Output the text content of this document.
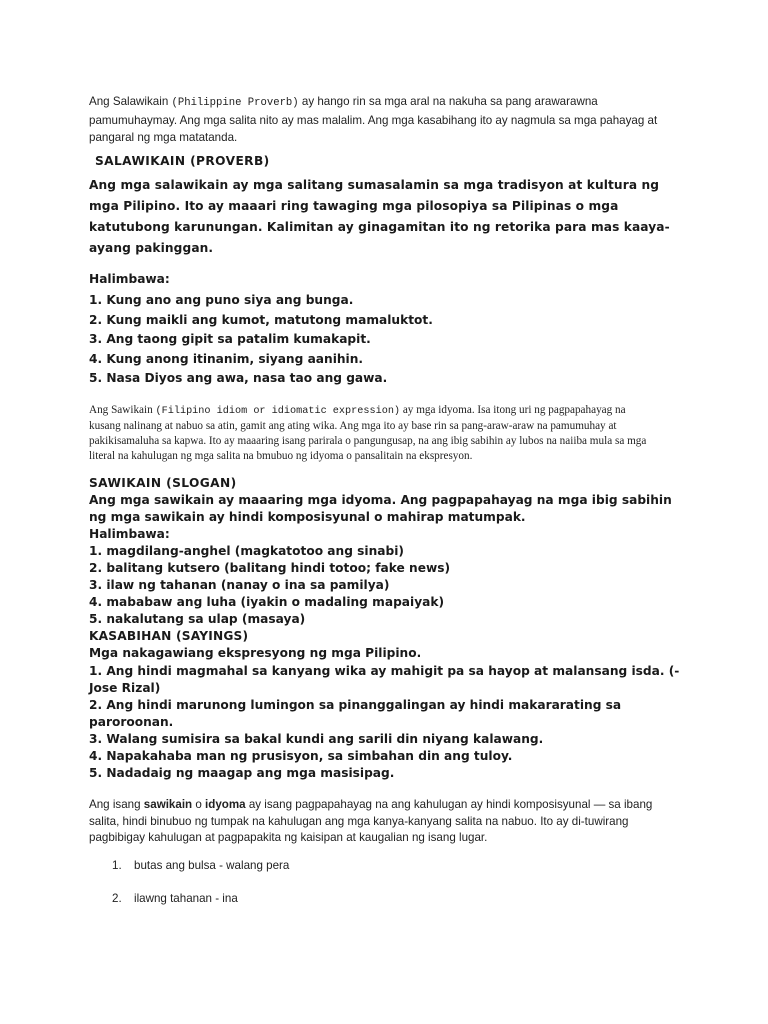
Ang Salawikain (Philippine Proverb) ay hango rin sa mga aral na nakuha sa pang arawarawna
pamumuhaymay. Ang mga salita nito ay mas malalim. Ang mga kasabihang ito ay nagmula sa mga pahayag at
pangaral ng mga matatanda.
SALAWIKAIN (PROVERB)
Ang mga salawikain ay mga salitang sumasalamin sa mga tradisyon at kultura ng
mga Pilipino. Ito ay maaari ring tawaging mga pilosopiya sa Pilipinas o mga
katutubong karunungan. Kalimitan ay ginagamitan ito ng retorika para mas kaaya-
ayang pakinggan.
Halimbawa:
1. Kung ano ang puno siya ang bunga.
2. Kung maikli ang kumot, matutong mamaluktot.
3. Ang taong gipit sa patalim kumakapit.
4. Kung anong itinanim, siyang aanihin.
5. Nasa Diyos ang awa, nasa tao ang gawa.
Ang Sawikain (Filipino idiom or idiomatic expression) ay mga idyoma. Isa itong uri ng pagpapahayag na
kusang nalinang at nabuo sa atin, gamit ang ating wika. Ang mga ito ay base rin sa pang-araw-araw na pamumuhay at
pakikisamaluha sa kapwa. Ito ay maaaring isang parirala o pangungusap, na ang ibig sabihin ay lubos na naiiba mula sa mga
literal na kahulugan ng mga salita na bmubuo ng idyoma o pansalitain na ekspresyon.
SAWIKAIN (SLOGAN)
Ang mga sawikain ay maaaring mga idyoma. Ang pagpapahayag na mga ibig sabihin
ng mga sawikain ay hindi komposisyunal o mahirap matumpak.
Halimbawa:
1. magdilang-anghel (magkatotoo ang sinabi)
2. balitang kutsero (balitang hindi totoo; fake news)
3. ilaw ng tahanan (nanay o ina sa pamilya)
4. mababaw ang luha (iyakin o madaling mapaiyak)
5. nakalutang sa ulap (masaya)
KASABIHAN (SAYINGS)
Mga nakagawiang ekspresyong ng mga Pilipino.
1. Ang hindi magmahal sa kanyang wika ay mahigit pa sa hayop at malansang isda. (-
Jose Rizal)
2. Ang hindi marunong lumingon sa pinanggalingan ay hindi makararating sa
paroroonan.
3. Walang sumisira sa bakal kundi ang sarili din niyang kalawang.
4. Napakahaba man ng prusisyon, sa simbahan din ang tuloy.
5. Nadadaig ng maagap ang mga masisipag.
Ang isang sawikain o idyoma ay isang pagpapahayag na ang kahulugan ay hindi komposisyunal — sa ibang
salita, hindi binubuo ng tumpak na kahulugan ang mga kanya-kanyang salita na nabuo. Ito ay di-tuwirang
pagbibigay kahulugan at pagpapakita ng kaisipan at kaugalian ng isang lugar.
1. butas ang bulsa - walang pera
2. ilawng tahanan - ina
